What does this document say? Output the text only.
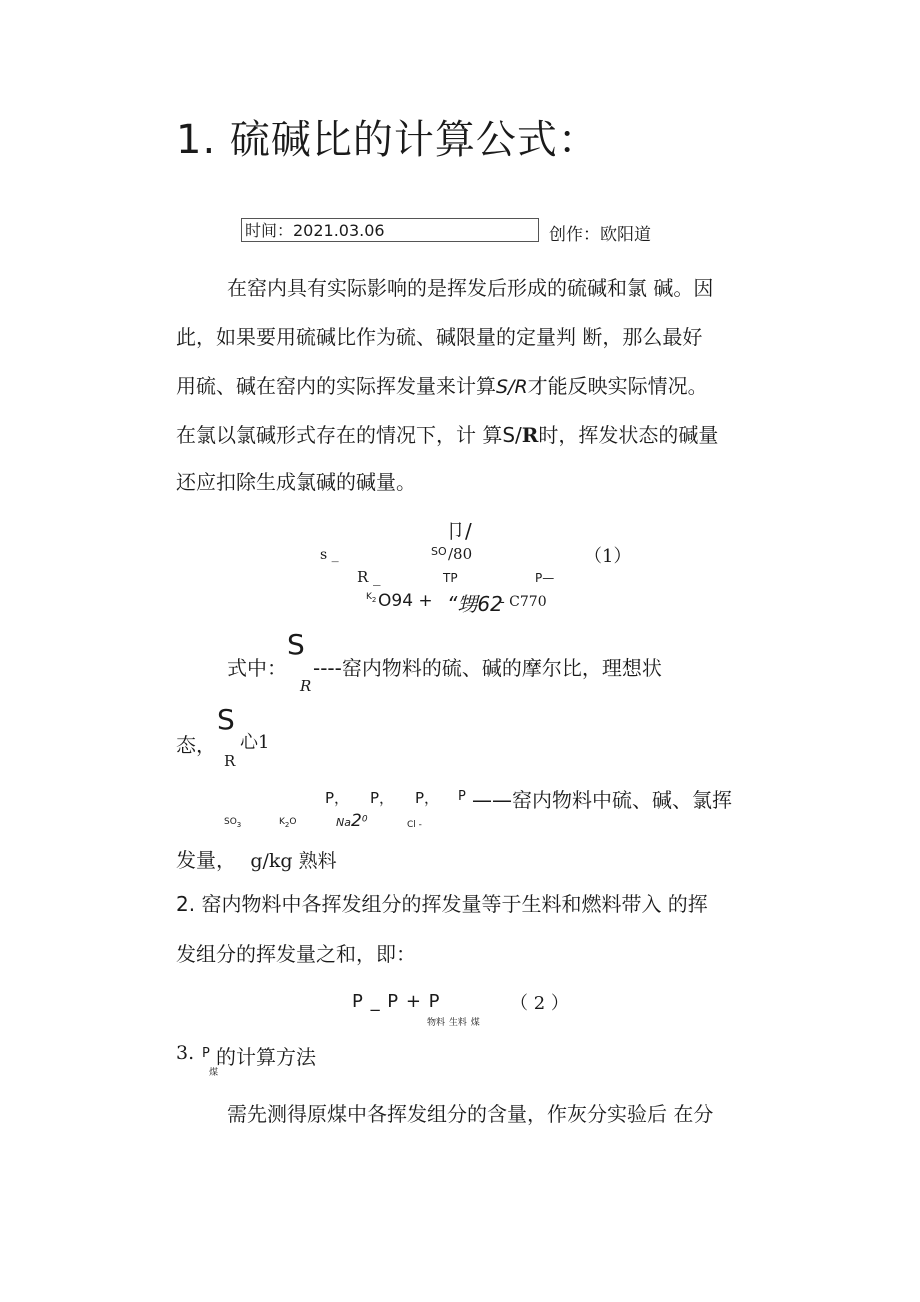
1. 硫碱比的计算公式：
时间：2021.03.06	创作：欧阳道
在窑内具有实际影响的是挥发后形成的硫碱和氯 碱。因
此，如果要用硫碱比作为硫、碱限量的定量判 断，那么最好
用硫、碱在窑内的实际挥发量来计算S/R才能反映实际情况。
在氯以氯碱形式存在的情况下，计 算S/R时，挥发状态的碱量
还应扣除生成氯碱的碱量。
卩/
s _	SO /80	（1）
R _	TP	P—
$K_2$ O94 + “甥62
- C770
式中：
S
----窑内物料的硫、碱的摩尔比，理想状
R
态，
S
心1
R
P， P， P， P ——窑内物料中硫、碱、氯挥
$SO_3$	$K_2O$	$Na2^0$
Cl -
发量， g/kg 熟料
2. 窑内物料中各挥发组分的挥发量等于生料和燃料带入 的挥
发组分的挥发量之和，即：
P _ P + P	（ 2 ）
物料 生料 煤
3. P 的计算方法
煤
需先测得原煤中各挥发组分的含量，作灰分实验后 在分
